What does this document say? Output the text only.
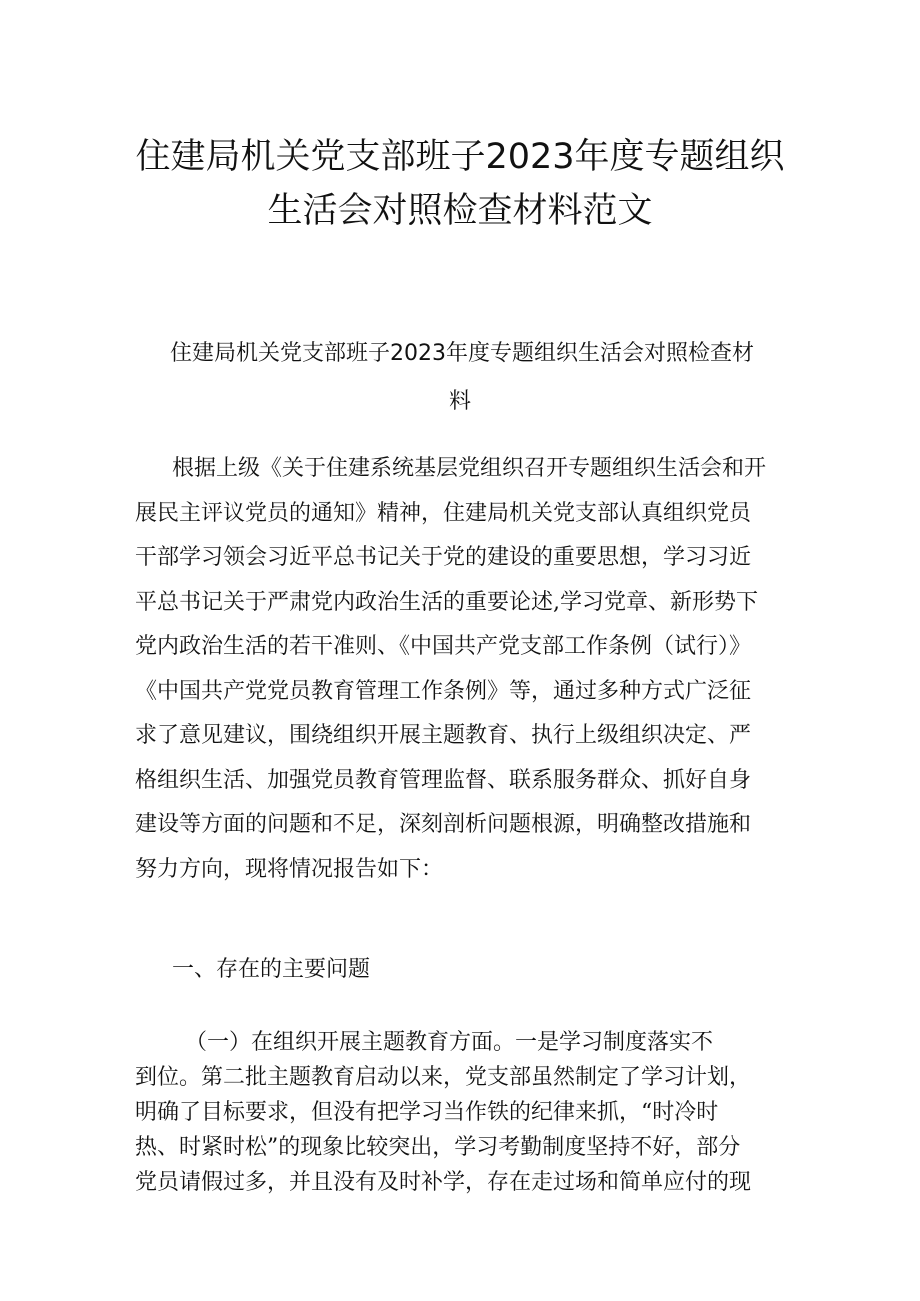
住建局机关党支部班子2023年度专题组织
生活会对照检查材料范文
住建局机关党支部班子2023年度专题组织生活会对照检查材
料
根据上级《关于住建系统基层党组织召开专题组织生活会和开
展民主评议党员的通知》精神，住建局机关党支部认真组织党员
干部学习领会习近平总书记关于党的建设的重要思想，学习习近
平总书记关于严肃党内政治生活的重要论述,学习党章、新形势下
党内政治生活的若干准则、《中国共产党支部工作条例（试行）》
《中国共产党党员教育管理工作条例》等，通过多种方式广泛征
求了意见建议，围绕组织开展主题教育、执行上级组织决定、严
格组织生活、加强党员教育管理监督、联系服务群众、抓好自身
建设等方面的问题和不足，深刻剖析问题根源，明确整改措施和
努力方向，现将情况报告如下：
一、存在的主要问题
（一）在组织开展主题教育方面。一是学习制度落实不
到位。第二批主题教育启动以来，党支部虽然制定了学习计划，
明确了目标要求，但没有把学习当作铁的纪律来抓，“时冷时
热、时紧时松”的现象比较突出，学习考勤制度坚持不好，部分
党员请假过多，并且没有及时补学，存在走过场和简单应付的现
